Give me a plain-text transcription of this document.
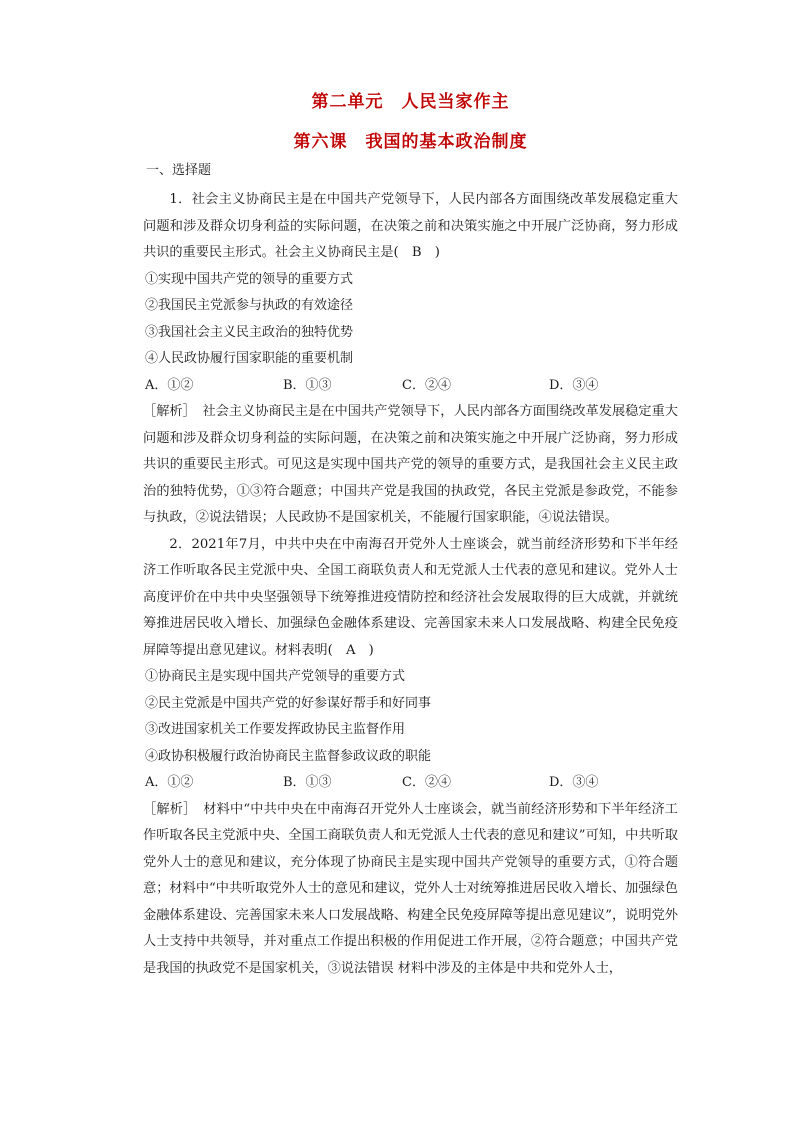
第二单元　人民当家作主
第六课　我国的基本政治制度
一、选择题

1．社会主义协商民主是在中国共产党领导下，人民内部各方面围绕改革发展稳定重大问题和涉及群众切身利益的实际问题，在决策之前和决策实施之中开展广泛协商，努力形成共识的重要民主形式。社会主义协商民主是(　B　)

①实现中国共产党的领导的重要方式
②我国民主党派参与执政的有效途径
③我国社会主义民主政治的独特优势
④人民政协履行国家职能的重要机制
A．①②	B．①③	C．②④	D．③④

［解析］　社会主义协商民主是在中国共产党领导下，人民内部各方面围绕改革发展稳定重大问题和涉及群众切身利益的实际问题，在决策之前和决策实施之中开展广泛协商，努力形成共识的重要民主形式。可见这是实现中国共产党的领导的重要方式，是我国社会主义民主政治的独特优势，①③符合题意；中国共产党是我国的执政党，各民主党派是参政党，不能参与执政，②说法错误；人民政协不是国家机关，不能履行国家职能，④说法错误。

2．2021年7月，中共中央在中南海召开党外人士座谈会，就当前经济形势和下半年经济工作听取各民主党派中央、全国工商联负责人和无党派人士代表的意见和建议。党外人士高度评价在中共中央坚强领导下统筹推进疫情防控和经济社会发展取得的巨大成就，并就统筹推进居民收入增长、加强绿色金融体系建设、完善国家未来人口发展战略、构建全民免疫屏障等提出意见建议。材料表明(　A　)

①协商民主是实现中国共产党领导的重要方式
②民主党派是中国共产党的好参谋好帮手和好同事
③改进国家机关工作要发挥政协民主监督作用
④政协积极履行政治协商民主监督参政议政的职能
A．①②	B．①③	C．②④	D．③④

［解析］　材料中“中共中央在中南海召开党外人士座谈会，就当前经济形势和下半年经济工作听取各民主党派中央、全国工商联负责人和无党派人士代表的意见和建议”可知，中共听取党外人士的意见和建议，充分体现了协商民主是实现中国共产党领导的重要方式，①符合题意；材料中“中共听取党外人士的意见和建议，党外人士对统筹推进居民收入增长、加强绿色金融体系建设、完善国家未来人口发展战略、构建全民免疫屏障等提出意见建议”，说明党外人士支持中共领导，并对重点工作提出积极的作用促进工作开展，②符合题意；中国共产党是我国的执政党不是国家机关，③说法错误 材料中涉及的主体是中共和党外人士，
